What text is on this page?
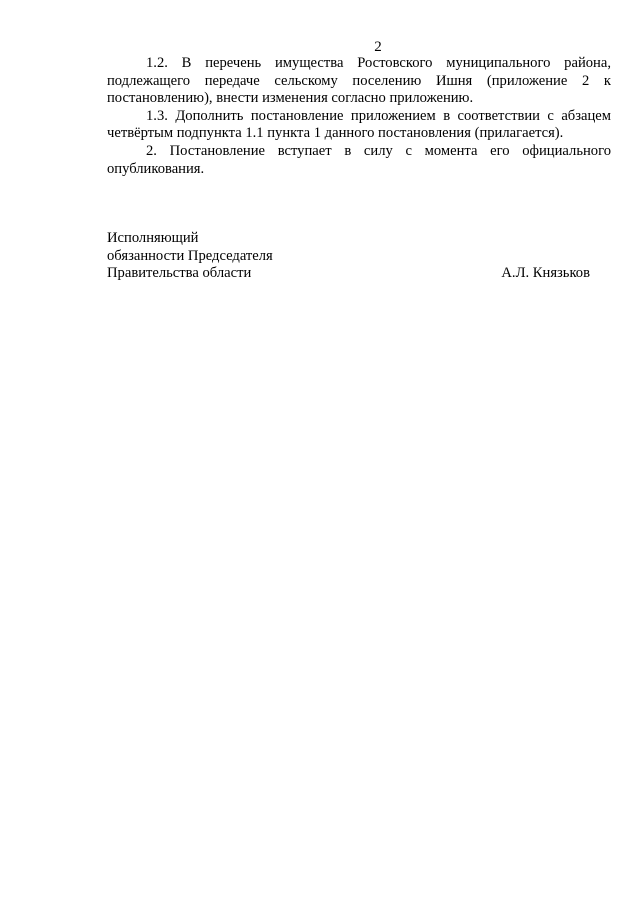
2

1.2. В перечень имущества Ростовского муниципального района, подлежащего передаче сельскому поселению Ишня (приложение 2 к постановлению), внести изменения согласно приложению.

1.3. Дополнить постановление приложением в соответствии с абзацем четвёртым подпункта 1.1 пункта 1 данного постановления (прилагается).

2. Постановление вступает в силу с момента его официального опубликования.

Исполняющий
обязанности Председателя
Правительства области	А.Л. Князьков
